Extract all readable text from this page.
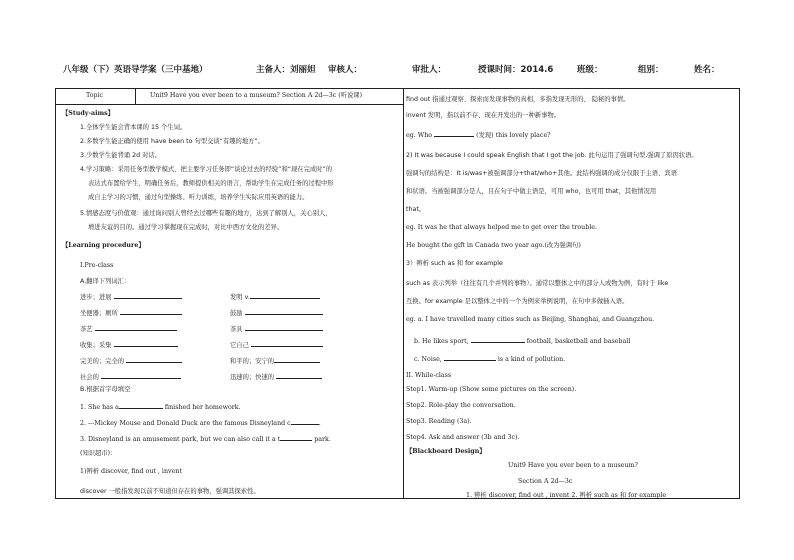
八年级（下）英语导学案（三中基地）	主备人：刘丽妲 审核人：	审批人：	授课时间：2014.6	班级：	组别：	姓名：
Topic	Unit9 Have you ever been to a museum? Section A 2d—3c (听说课)
【Study-aims】
1.全体学生能会背本课的 15 个生词。
2.多数学生能正确的使用 have been to 句型交谈“有趣的地方”。
3.少数学生能背诵 2d 对话。
4.学习策略：采用任务型教学模式，把主要学习任务即“谈论过去的经验”和“现在完成时”的
表达式布置给学生，明确任务后，教师提供相关的语言，帮助学生在完成任务的过程中形
成自主学习的习惯，通过句型操练、听力训练，培养学生实际应用英语的能力。
5.情感态度与价值观：通过询问别人曾经去过哪些有趣的地方，达到了解别人，关心别人，
增进友谊的目的。通过学习掌握现在完成时，对比中西方文化的差异。
【Learning procedure】
I.Pre-class
A.翻译下列词汇：
进步；进展	发明 v.
坐便器；厕所	鼓励
茶艺	茶具
收集；采集	它自己
完美的；完全的	和平的；安宁的
社会的	迅速的；快速的
B.根据首字母填空
1. She has a	finished her homework.
2. ---Mickey Mouse and Donald Duck are the famous Disneyland c	.
3. Disneyland is an amusement park, but we can also call it a t	park.
(知识超市)：
1)辨析 discover, find out , invent
discover 一般指发现以前不知道但存在的事物，强调其探索性。
find out 指通过观察、探索而发现事物的真相，多指发现无形的、 隐秘的事情。
invent 发明，指以前不存、现在开发出的一种新事物。
eg. Who	(发现) this lovely place?
2) It was because I could speak English that I got the job. 此句运用了强调句型,强调了原因状语。
强调句的结构是：It is/was+被强调部分+that/who+其他。此结构强调的成分仅限于主语、宾语
和状语。当被强调部分是人，且在句子中做主语是，可用 who，也可用 that，其他情况用
that。
eg. It was he that always helped me to get over the trouble.
He bought the gift in Canada two year ago.(改为强调句)
3）辨析 such as 和 for example
such as 表示列举（往往有几个并列的事物）。通常以整体之中的部分人或物为例，有时于 like
互换。for example 是以整体之中的一个为例来举例说明，在句中多做插入语。
eg. a. I have travelled many cities such as Beijing, Shanghai, and Guangzhou.
b. He likes sport,	football, basketball and baseball
c. Noise,	is a kind of pollution.
II. While-class
Step1. Warm-up (Show some pictures on the screen).
Step2. Role-play the conversation.
Step3. Reading (3a).
Step4. Ask and answer (3b and 3c).
【Blackboard Design】
Unit9 Have you ever been to a museum?
Section A 2d—3c
1. 辨析 discover, find out , invent 2. 辨析 such as 和 for example
